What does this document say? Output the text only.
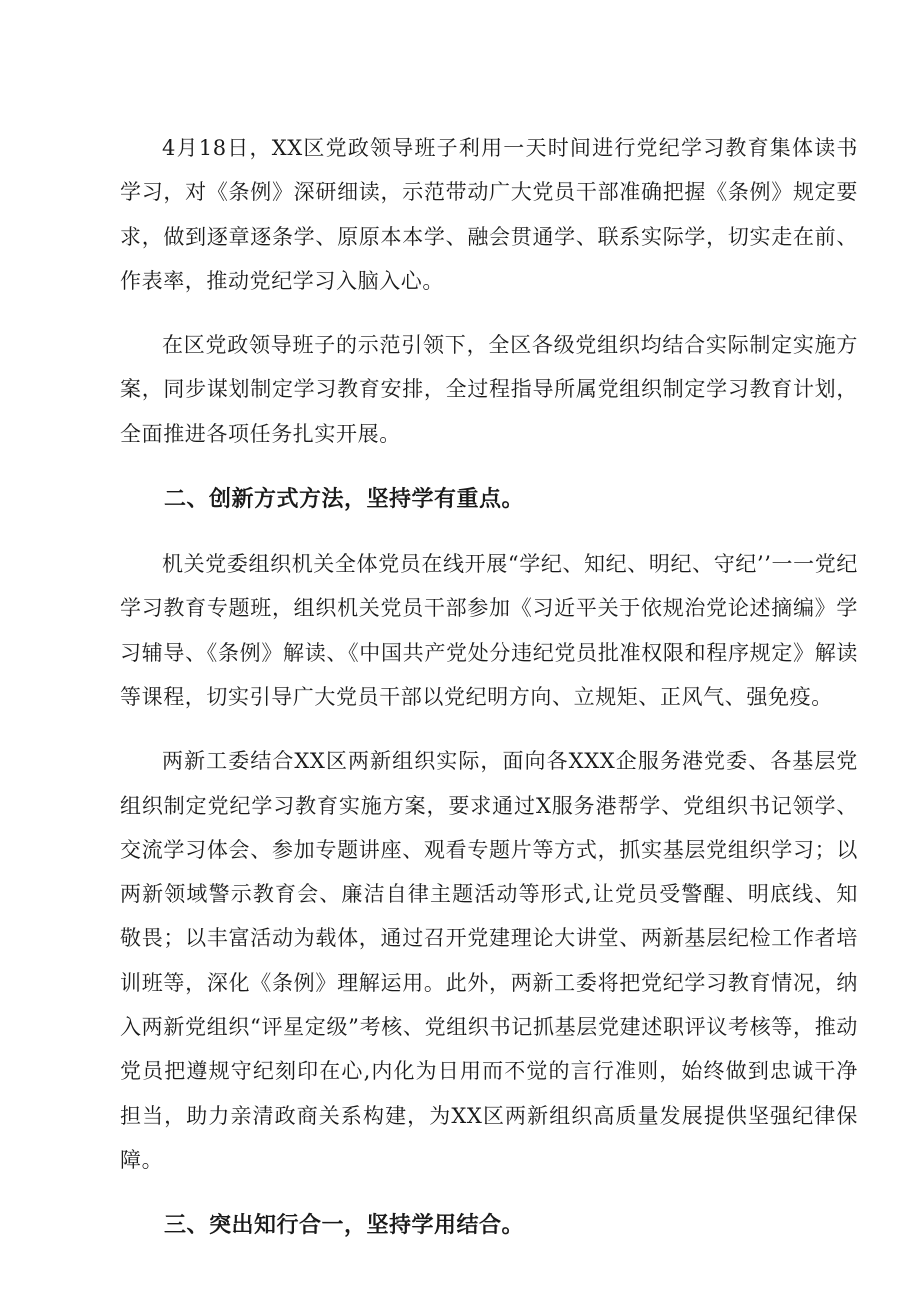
4月18日，XX区党政领导班子利用一天时间进行党纪学习教育集体读书学习，对《条例》深研细读，示范带动广大党员干部准确把握《条例》规定要求，做到逐章逐条学、原原本本学、融会贯通学、联系实际学，切实走在前、作表率，推动党纪学习入脑入心。

在区党政领导班子的示范引领下，全区各级党组织均结合实际制定实施方案，同步谋划制定学习教育安排，全过程指导所属党组织制定学习教育计划，全面推进各项任务扎实开展。

二、创新方式方法，坚持学有重点。

机关党委组织机关全体党员在线开展“学纪、知纪、明纪、守纪’’一一党纪学习教育专题班，组织机关党员干部参加《习近平关于依规治党论述摘编》学习辅导、《条例》解读、《中国共产党处分违纪党员批准权限和程序规定》解读等课程，切实引导广大党员干部以党纪明方向、立规矩、正风气、强免疫。

两新工委结合XX区两新组织实际，面向各XXX企服务港党委、各基层党组织制定党纪学习教育实施方案，要求通过X服务港帮学、党组织书记领学、交流学习体会、参加专题讲座、观看专题片等方式，抓实基层党组织学习；以两新领域警示教育会、廉洁自律主题活动等形式,让党员受警醒、明底线、知敬畏；以丰富活动为载体，通过召开党建理论大讲堂、两新基层纪检工作者培训班等，深化《条例》理解运用。此外，两新工委将把党纪学习教育情况，纳入两新党组织“评星定级”考核、党组织书记抓基层党建述职评议考核等，推动党员把遵规守纪刻印在心,内化为日用而不觉的言行准则，始终做到忠诚干净担当，助力亲清政商关系构建，为XX区两新组织高质量发展提供坚强纪律保障。

三、突出知行合一，坚持学用结合。
